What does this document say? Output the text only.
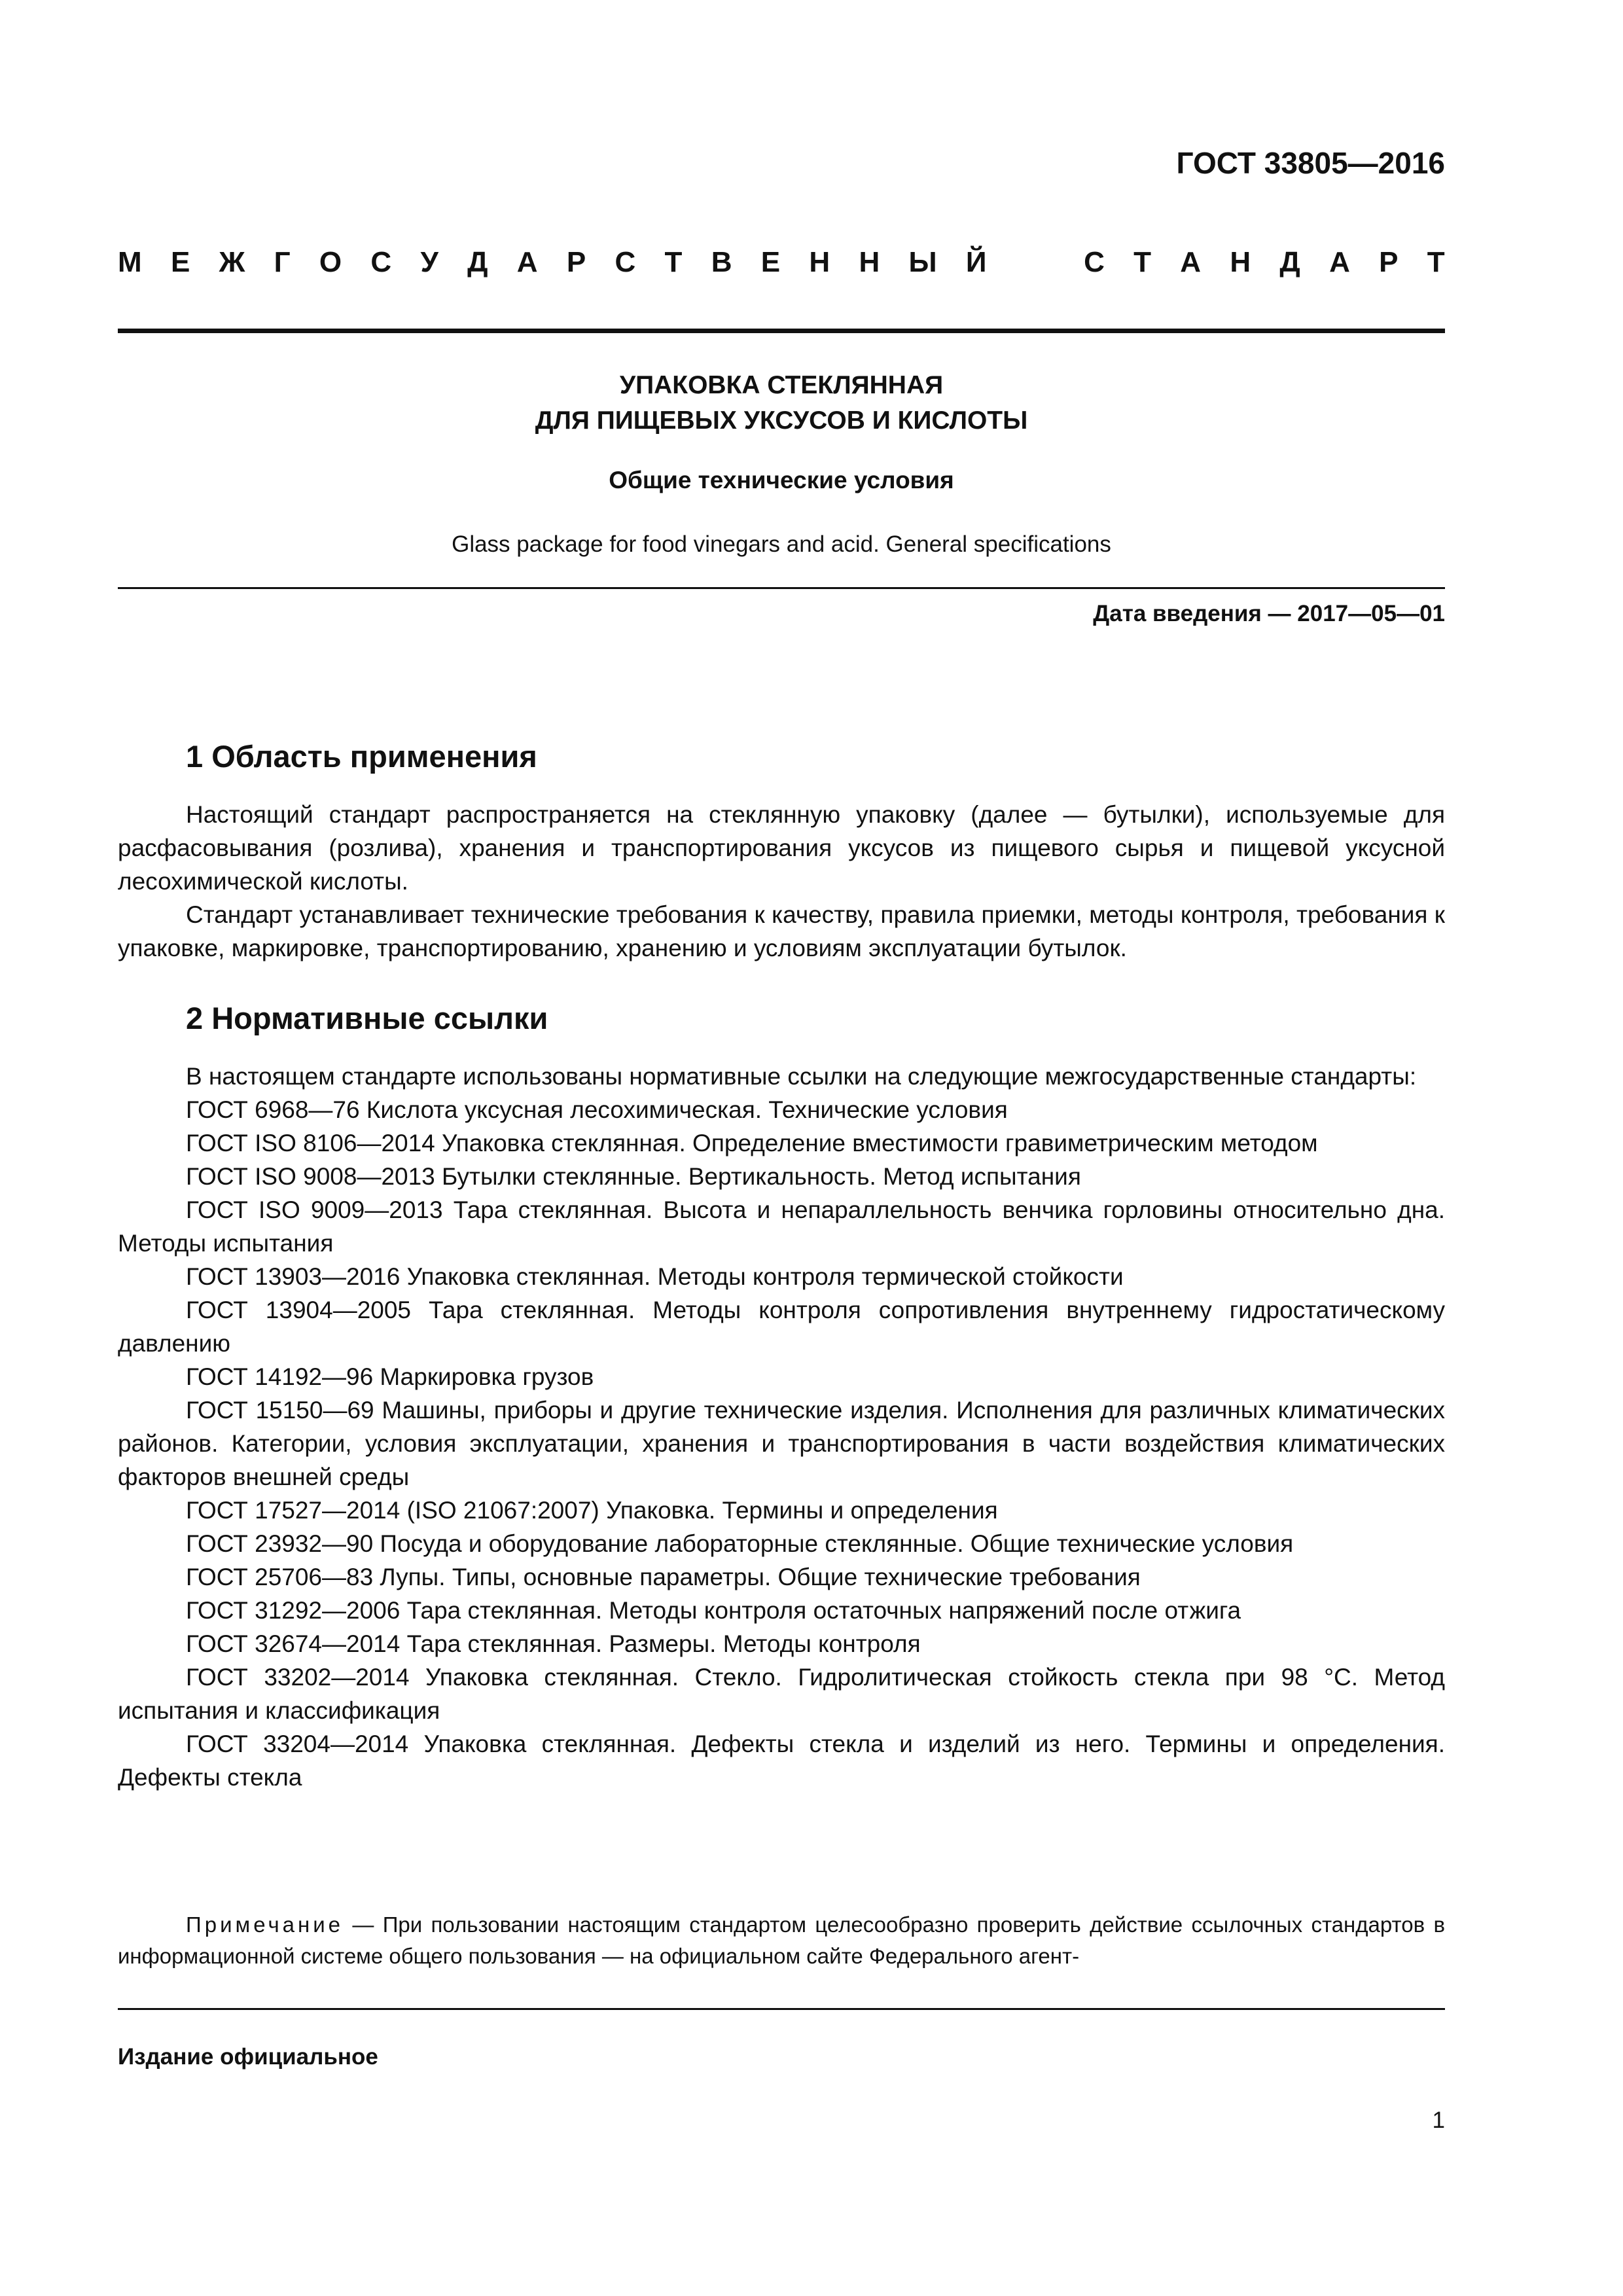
ГОСТ 33805—2016
М Е Ж Г О С У Д А Р С Т В Е Н Н Ы Й	С Т А Н Д А Р Т
УПАКОВКА СТЕКЛЯННАЯ
ДЛЯ ПИЩЕВЫХ УКСУСОВ И КИСЛОТЫ
Общие технические условия
Glass package for food vinegars and acid. General specifications
Дата введения — 2017—05—01
1 Область применения

Настоящий стандарт распространяется на стеклянную упаковку (далее — бутылки), используемые для расфасовывания (розлива), хранения и транспортирования уксусов из пищевого сырья и пищевой уксусной лесохимической кислоты.

Стандарт устанавливает технические требования к качеству, правила приемки, методы контроля, требования к упаковке, маркировке, транспортированию, хранению и условиям эксплуатации бутылок.

2 Нормативные ссылки

В настоящем стандарте использованы нормативные ссылки на следующие межгосударственные стандарты:

ГОСТ 6968—76 Кислота уксусная лесохимическая. Технические условия

ГОСТ ISO 8106—2014 Упаковка стеклянная. Определение вместимости гравиметрическим методом

ГОСТ ISO 9008—2013 Бутылки стеклянные. Вертикальность. Метод испытания

ГОСТ ISO 9009—2013 Тара стеклянная. Высота и непараллельность венчика горловины относительно дна. Методы испытания

ГОСТ 13903—2016 Упаковка стеклянная. Методы контроля термической стойкости

ГОСТ 13904—2005 Тара стеклянная. Методы контроля сопротивления внутреннему гидростатическому давлению

ГОСТ 14192—96 Маркировка грузов

ГОСТ 15150—69 Машины, приборы и другие технические изделия. Исполнения для различных климатических районов. Категории, условия эксплуатации, хранения и транспортирования в части воздействия климатических факторов внешней среды

ГОСТ 17527—2014 (ISO 21067:2007) Упаковка. Термины и определения

ГОСТ 23932—90 Посуда и оборудование лабораторные стеклянные. Общие технические условия

ГОСТ 25706—83 Лупы. Типы, основные параметры. Общие технические требования

ГОСТ 31292—2006 Тара стеклянная. Методы контроля остаточных напряжений после отжига

ГОСТ 32674—2014 Тара стеклянная. Размеры. Методы контроля

ГОСТ 33202—2014 Упаковка стеклянная. Стекло. Гидролитическая стойкость стекла при 98 °С. Метод испытания и классификация

ГОСТ 33204—2014 Упаковка стеклянная. Дефекты стекла и изделий из него. Термины и определения. Дефекты стекла

Примечание — При пользовании настоящим стандартом целесообразно проверить действие ссылочных стандартов в информационной системе общего пользования — на официальном сайте Федерального агент-

Издание официальное
1
